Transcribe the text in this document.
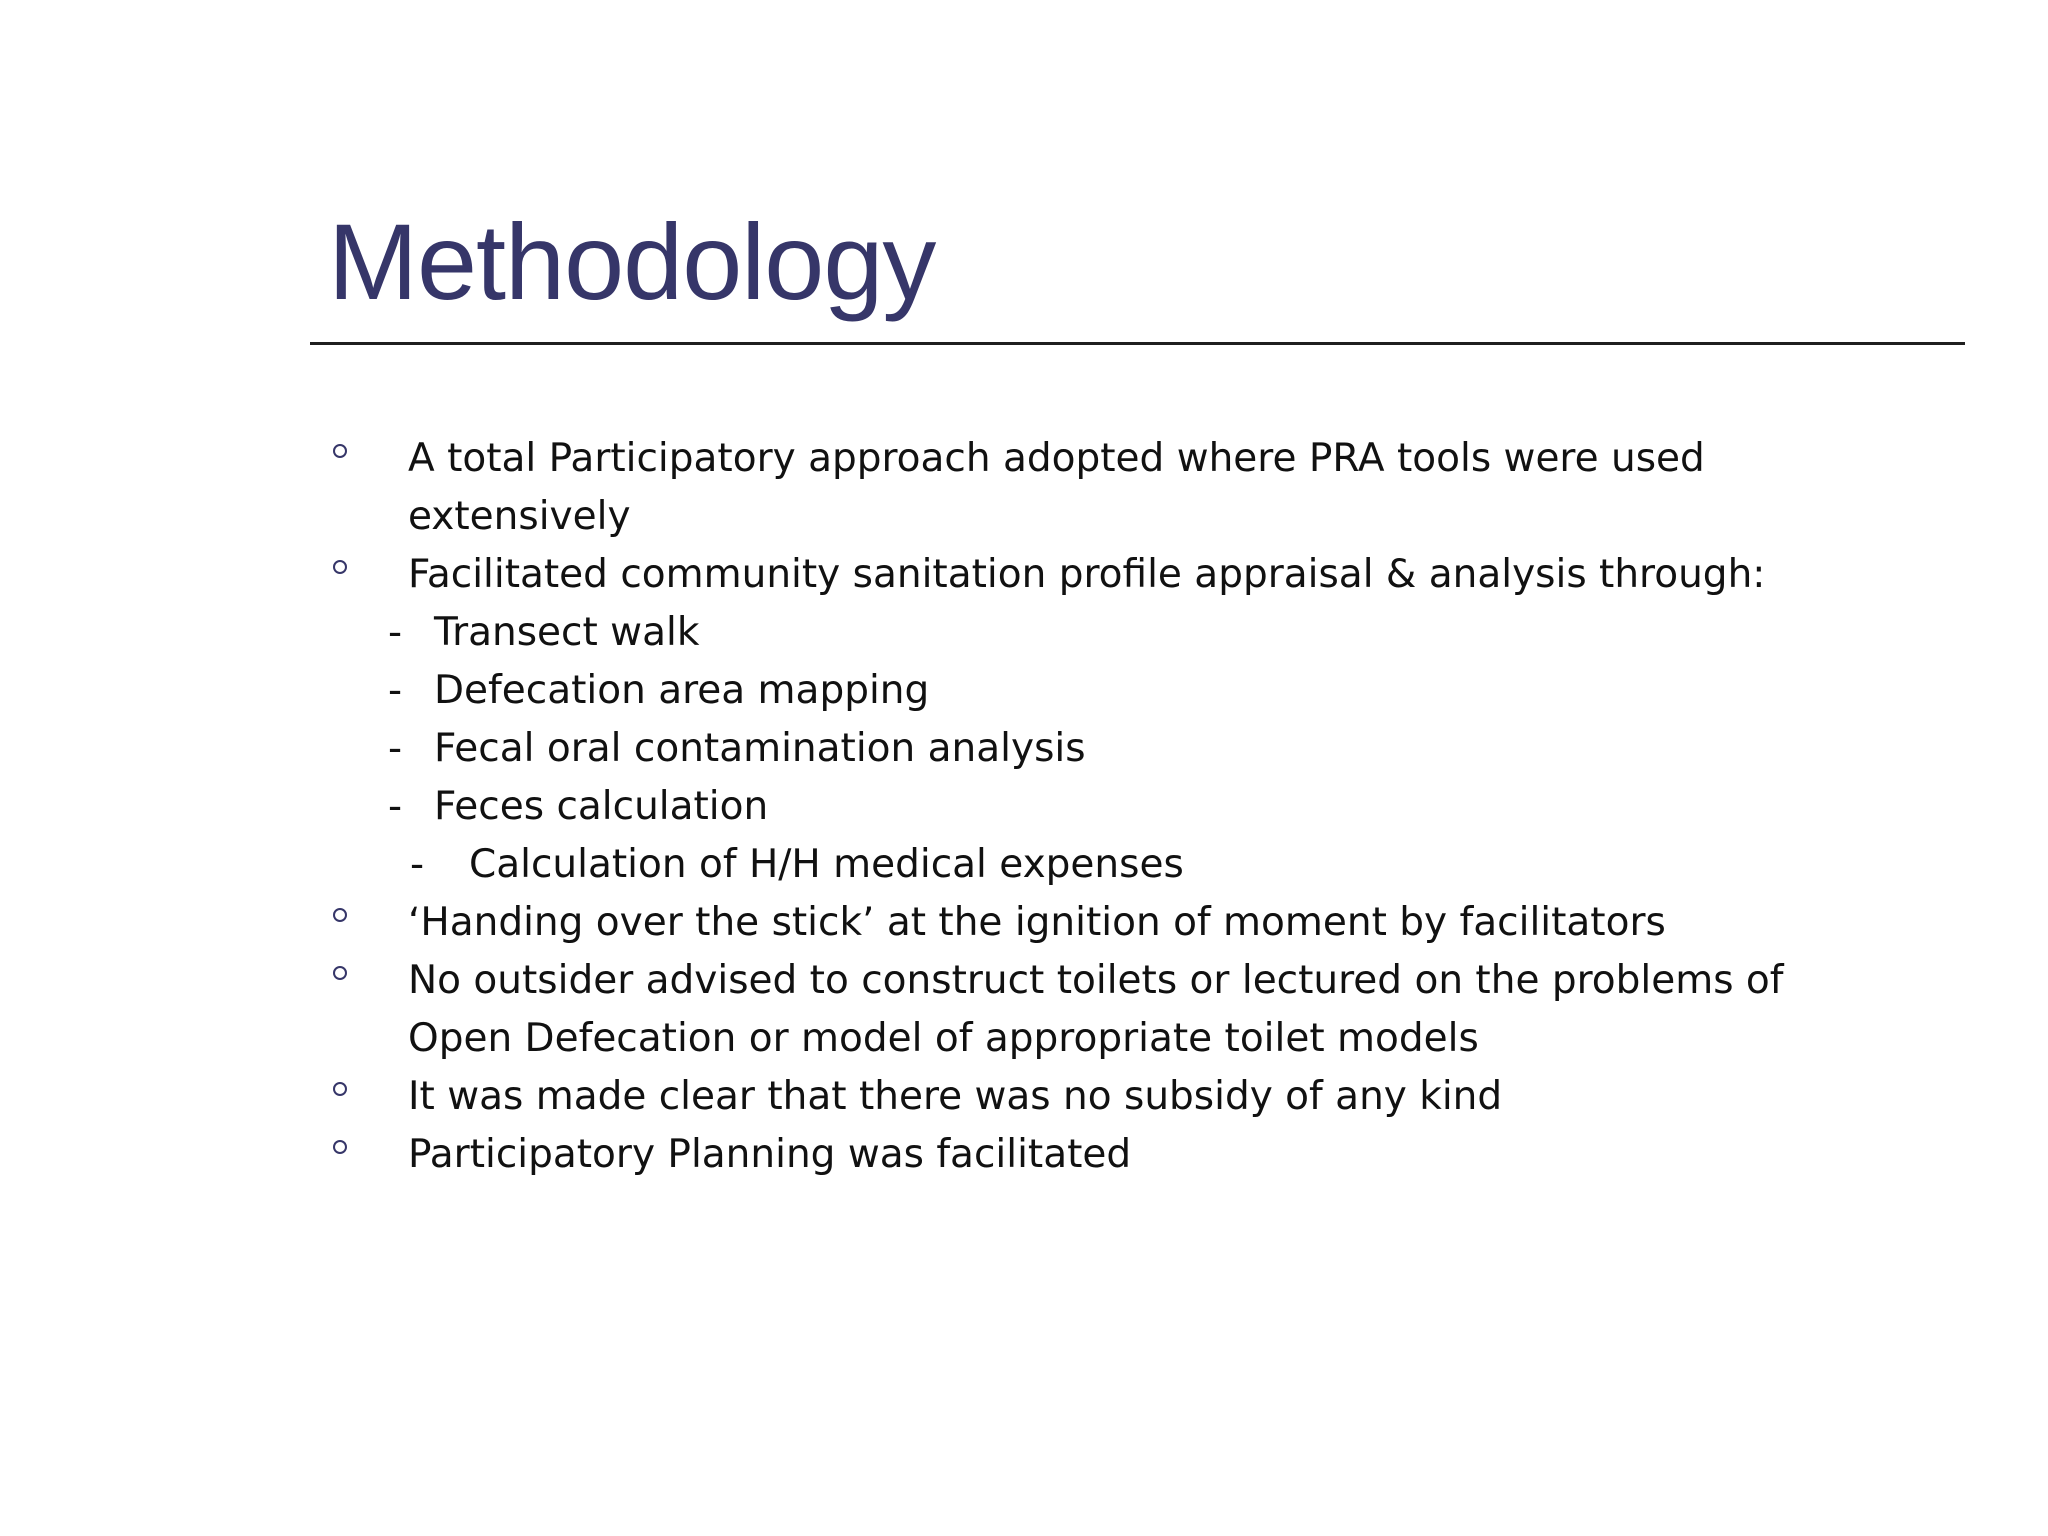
Methodology
A total Participatory approach adopted where PRA tools were used
extensively
Facilitated community sanitation profile appraisal & analysis through:
- Transect walk
- Defecation area mapping
- Fecal oral contamination analysis
- Feces calculation
- Calculation of H/H medical expenses
‘Handing over the stick’ at the ignition of moment by facilitators
No outsider advised to construct toilets or lectured on the problems of
Open Defecation or model of appropriate toilet models
It was made clear that there was no subsidy of any kind
Participatory Planning was facilitated
